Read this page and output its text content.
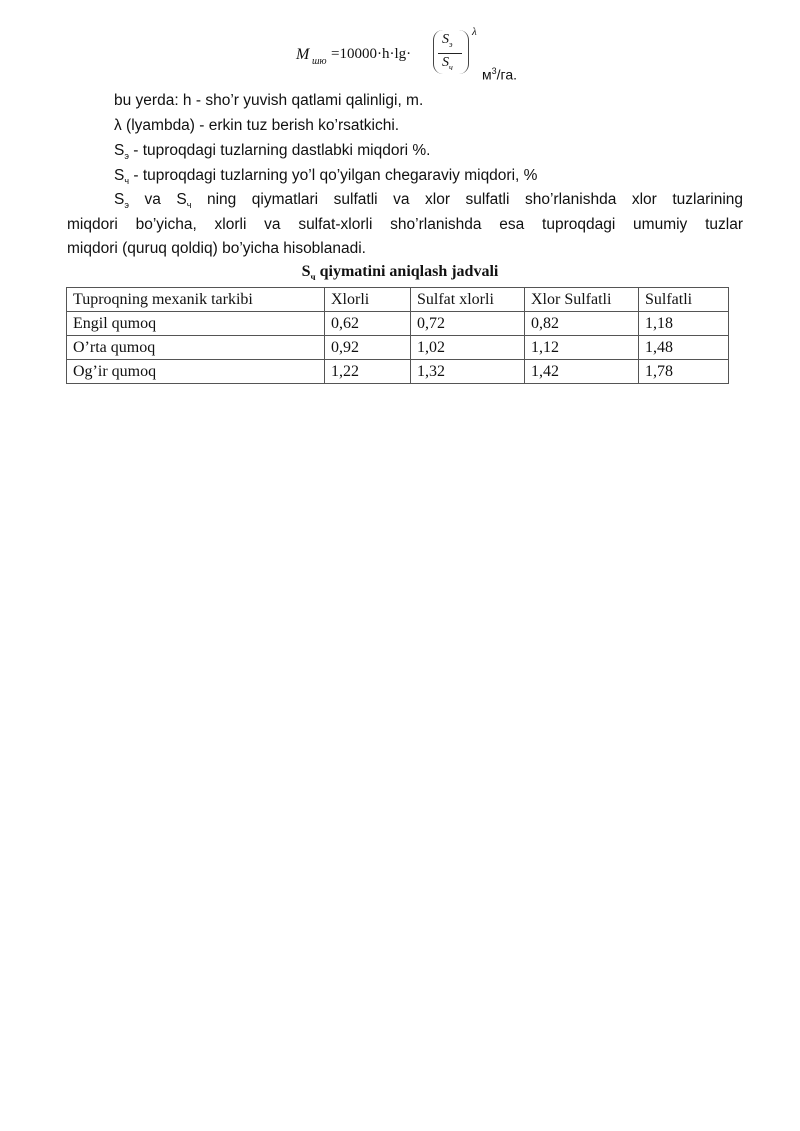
M шю =10000·h·lg·
$S_э$
$S_ч$
λ
$м^3/га$.
bu yerda: h - sho’r yuvish qatlami qalinligi, m.
λ (lyambda) - erkin tuz berish ko’rsatkichi.
$S_э$ - tuproqdagi tuzlarning dastlabki miqdori %.
$S_ч$ - tuproqdagi tuzlarning yo’l qo’yilgan chegaraviy miqdori, %
$S_э$ va $S_ч$ ning qiymatlari sulfatli va xlor sulfatli sho’rlanishda xlor tuzlarining
miqdori bo’yicha, xlorli va sulfat-xlorli sho’rlanishda esa tuproqdagi umumiy tuzlar
miqdori (quruq qoldiq) bo’yicha hisoblanadi.
$S_ч$ qiymatini aniqlash jadvali
Tuproqning mexanik tarkibi	Xlorli	Sulfat xlorli	Xlor Sulfatli	Sulfatli
Engil qumoq	0,62	0,72	0,82	1,18
O’rta qumoq	0,92	1,02	1,12	1,48
Og’ir qumoq	1,22	1,32	1,42	1,78
